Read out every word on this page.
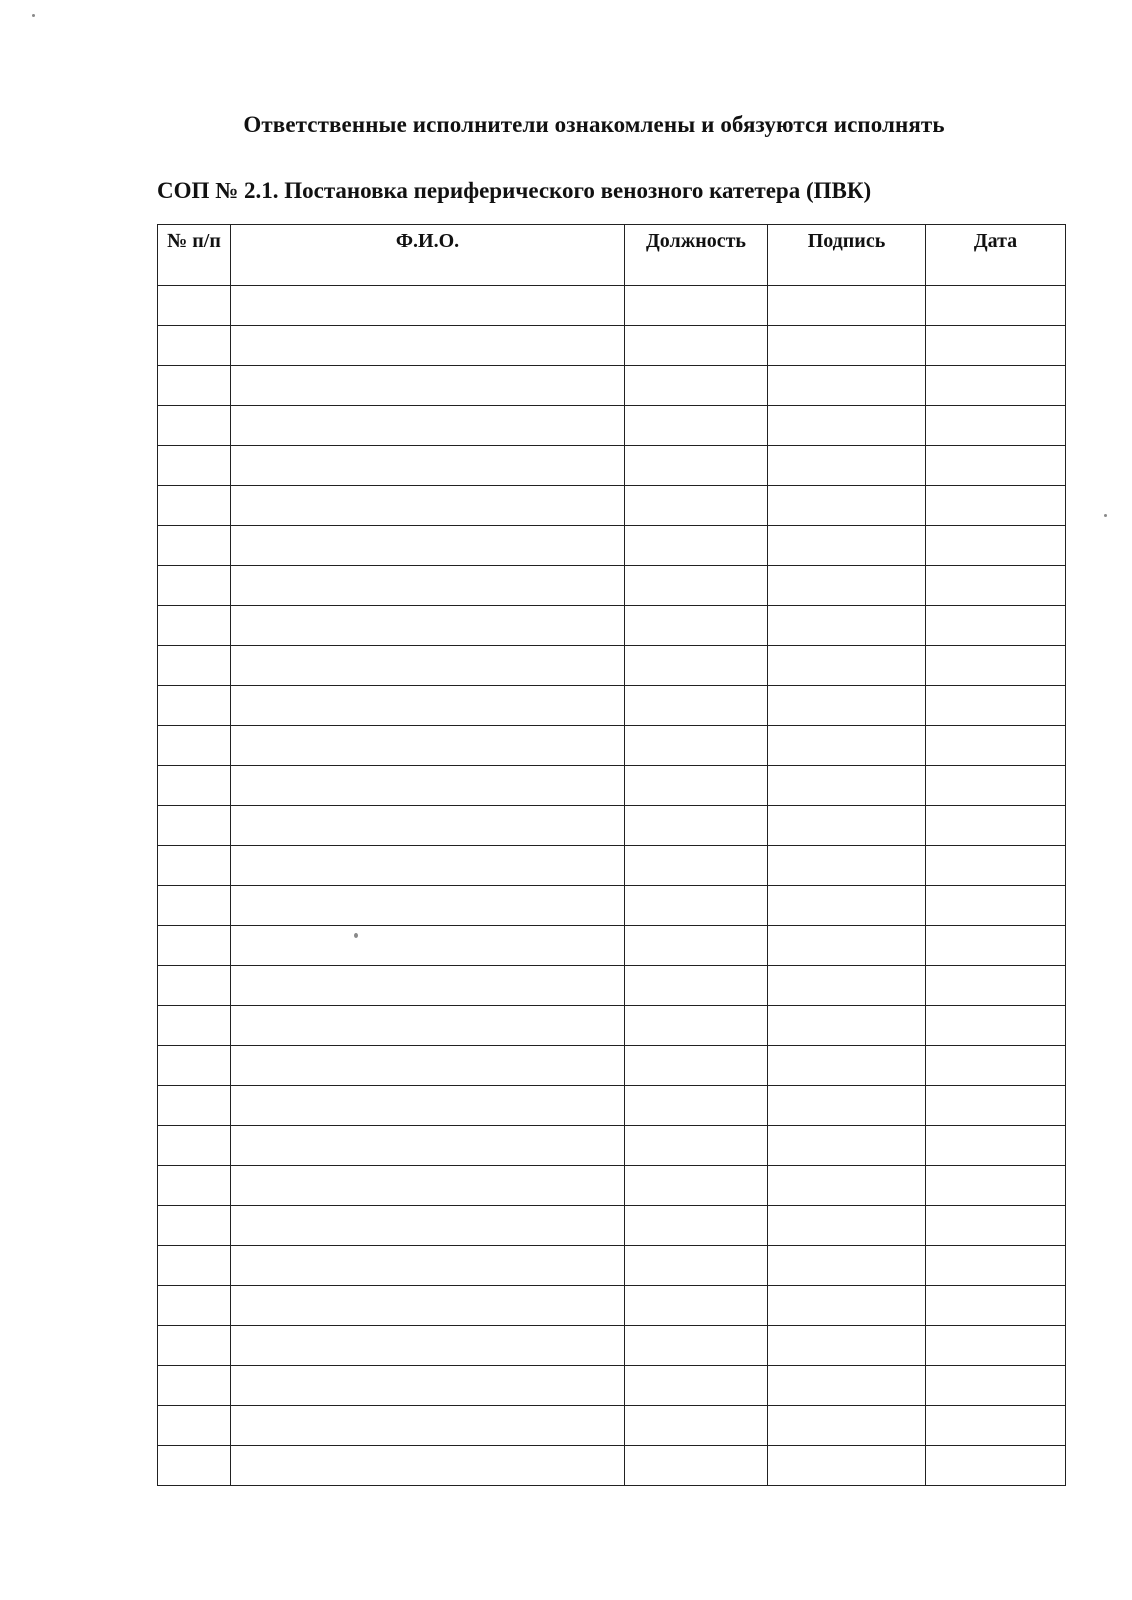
Ответственные исполнители ознакомлены и обязуются исполнять
СОП № 2.1. Постановка периферического венозного катетера (ПВК)
№ п/п	Ф.И.О.	Должность	Подпись	Дата
